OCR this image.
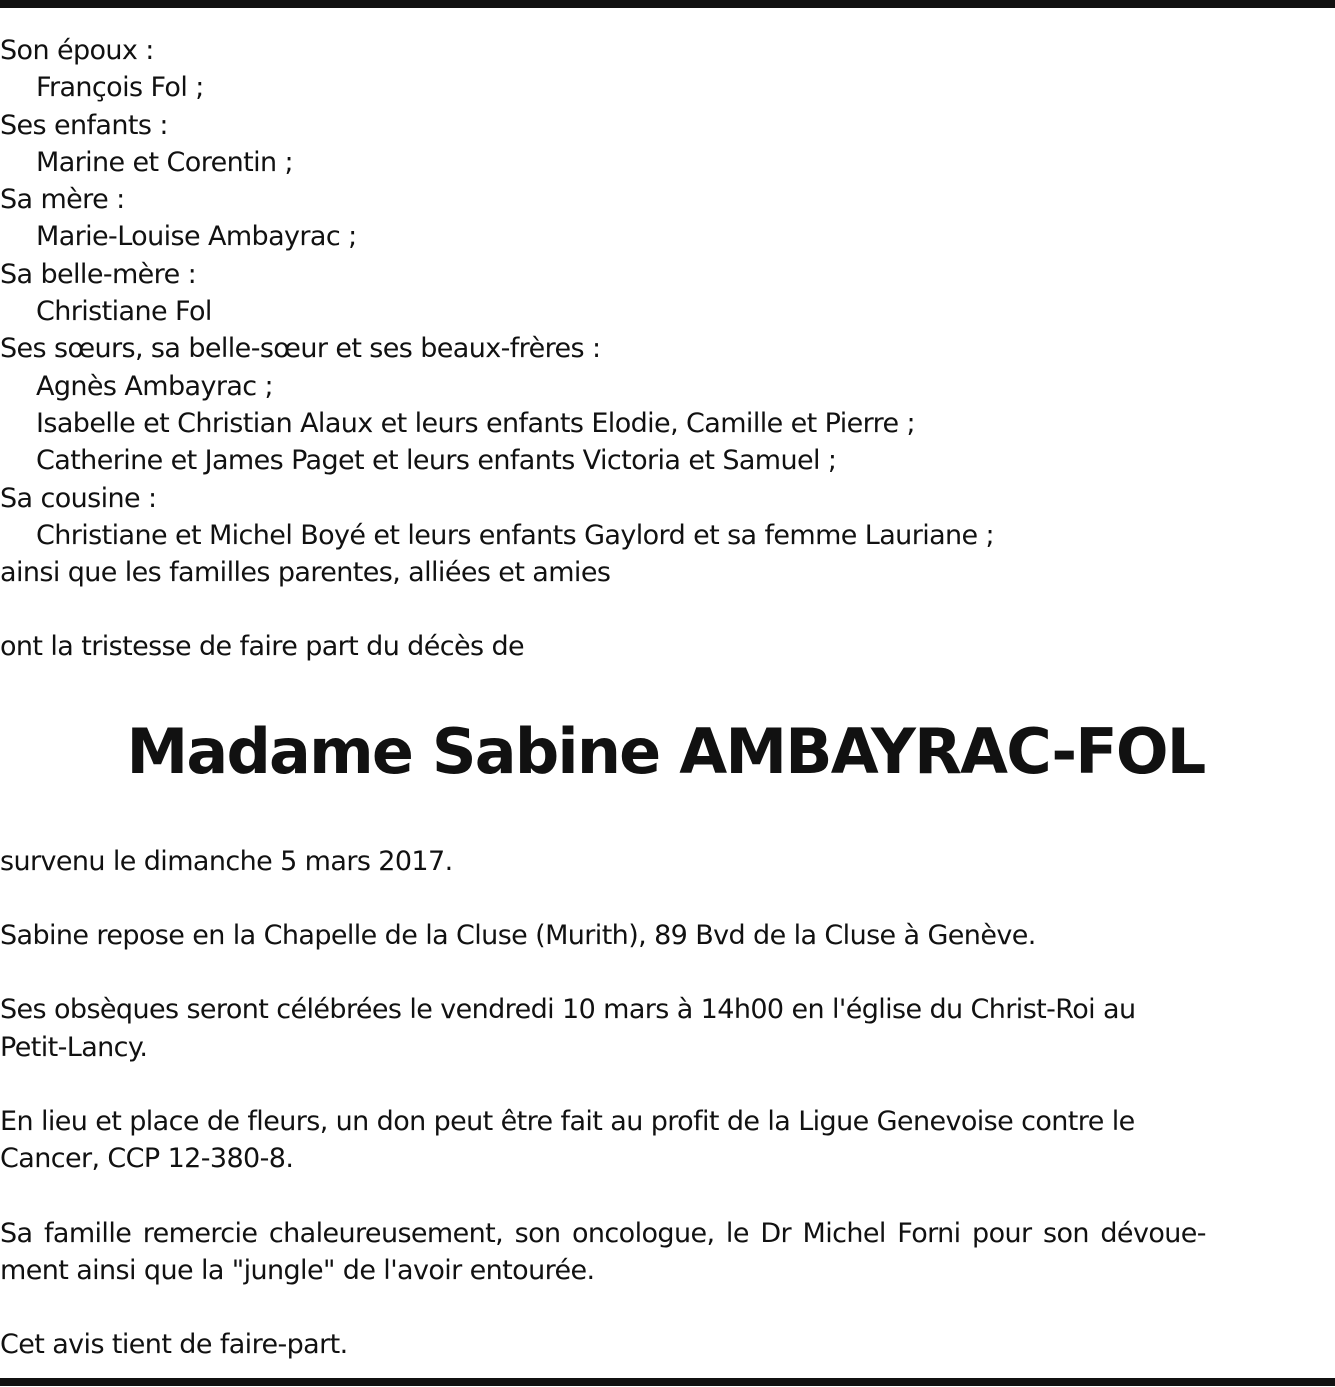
Son époux :
François Fol ;
Ses enfants :
Marine et Corentin ;
Sa mère :
Marie-Louise Ambayrac ;
Sa belle-mère :
Christiane Fol
Ses sœurs, sa belle-sœur et ses beaux-frères :
Agnès Ambayrac ;
Isabelle et Christian Alaux et leurs enfants Elodie, Camille et Pierre ;
Catherine et James Paget et leurs enfants Victoria et Samuel ;
Sa cousine :
Christiane et Michel Boyé et leurs enfants Gaylord et sa femme Lauriane ;
ainsi que les familles parentes, alliées et amies
ont la tristesse de faire part du décès de
Madame Sabine AMBAYRAC-FOL
survenu le dimanche 5 mars 2017.
Sabine repose en la Chapelle de la Cluse (Murith), 89 Bvd de la Cluse à Genève.
Ses obsèques seront célébrées le vendredi 10 mars à 14h00 en l'église du Christ-Roi au
Petit-Lancy.
En lieu et place de fleurs, un don peut être fait au profit de la Ligue Genevoise contre le
Cancer, CCP 12-380-8.
Sa famille remercie chaleureusement, son oncologue, le Dr Michel Forni pour son dévoue-
ment ainsi que la "jungle" de l'avoir entourée.
Cet avis tient de faire-part.
